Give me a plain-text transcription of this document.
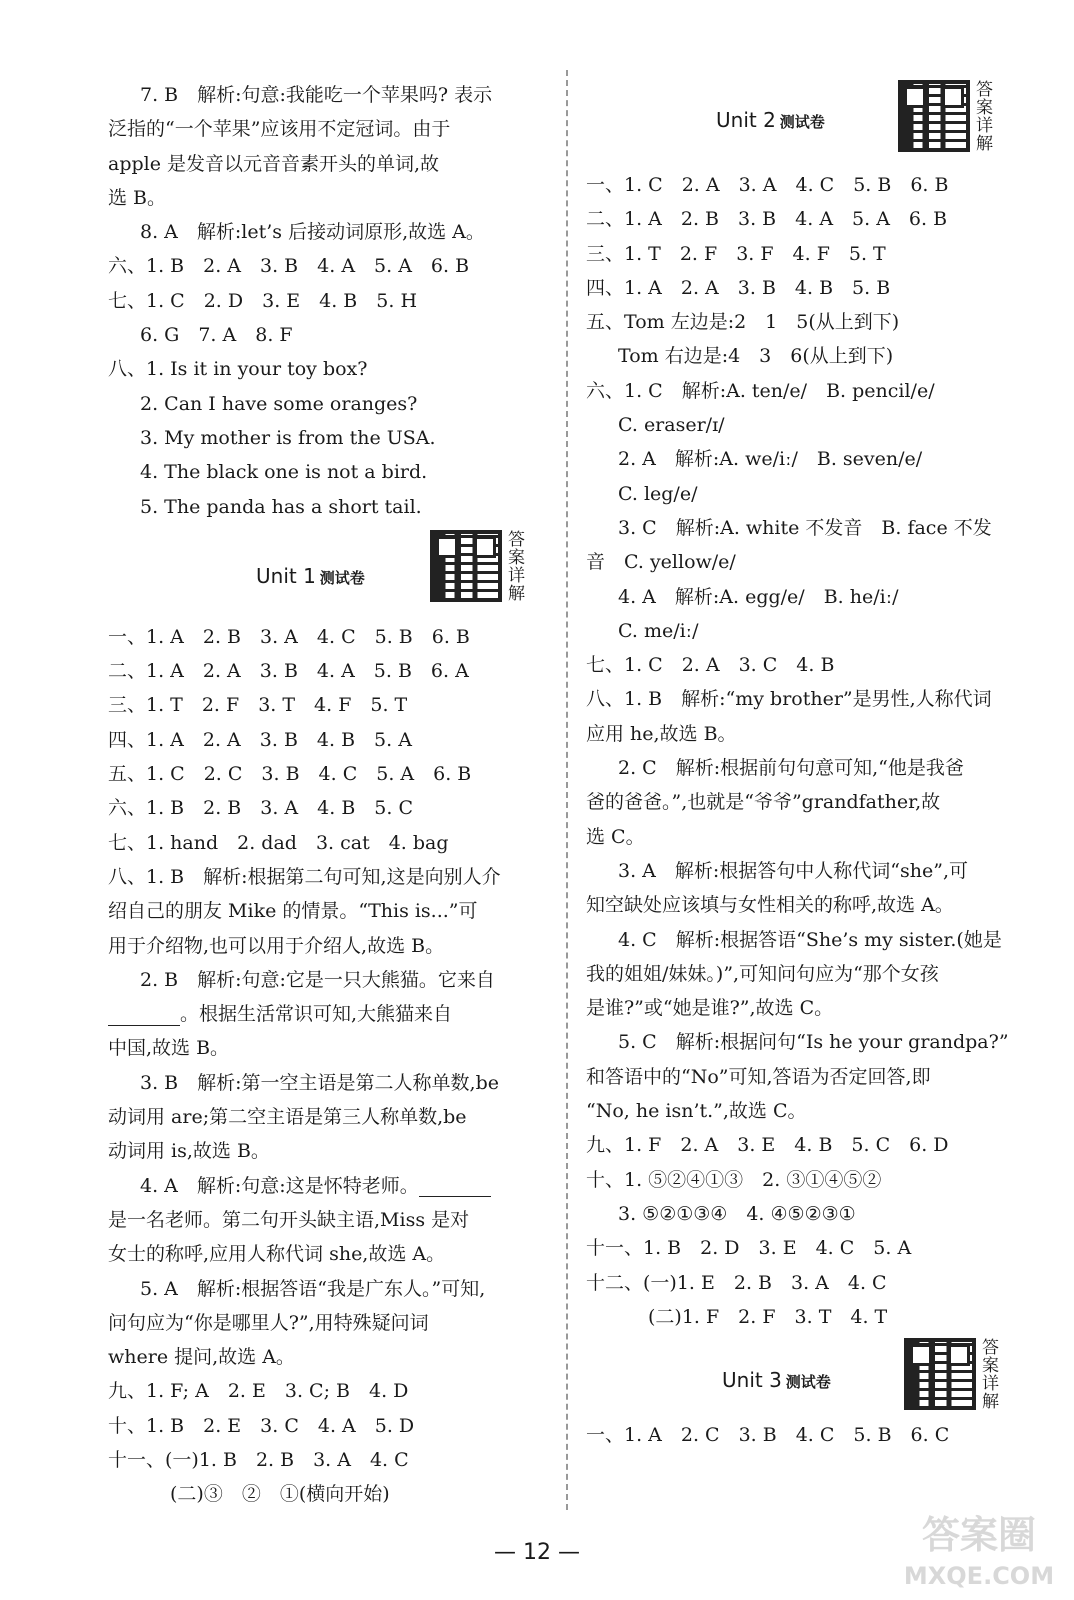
7. B　解析:句意:我能吃一个苹果吗? 表示
泛指的“一个苹果”应该用不定冠词。由于
apple 是发音以元音音素开头的单词,故
选 B。
8. A　解析:let’s 后接动词原形,故选 A。
六、1. B　2. A　3. B　4. A　5. A　6. B
七、1. C　2. D　3. E　4. B　5. H
6. G　7. A　8. F
八、1. Is it in your toy box?
2. Can I have some oranges?
3. My mother is from the USA.
4. The black one is not a bird.
5. The panda has a short tail.
Unit 1 测试卷	答案详解
一、1. A　2. B　3. A　4. C　5. B　6. B
二、1. A　2. A　3. B　4. A　5. B　6. A
三、1. T　2. F　3. T　4. F　5. T
四、1. A　2. A　3. B　4. B　5. A
五、1. C　2. C　3. B　4. C　5. A　6. B
六、1. B　2. B　3. A　4. B　5. C
七、1. hand　2. dad　3. cat　4. bag
八、1. B　解析:根据第二句可知,这是向别人介
绍自己的朋友 Mike 的情景。“This is...”可
用于介绍物,也可以用于介绍人,故选 B。
2. B　解析:句意:它是一只大熊猫。它来自
。根据生活常识可知,大熊猫来自
中国,故选 B。
3. B　解析:第一空主语是第二人称单数,be
动词用 are;第二空主语是第三人称单数,be
动词用 is,故选 B。
4. A　解析:句意:这是怀特老师。
是一名老师。第二句开头缺主语,Miss 是对
女士的称呼,应用人称代词 she,故选 A。
5. A　解析:根据答语“我是广东人。”可知,
问句应为“你是哪里人?”,用特殊疑问词
where 提问,故选 A。
九、1. F; A　2. E　3. C; B　4. D
十、1. B　2. E　3. C　4. A　5. D
十一、(一)1. B　2. B　3. A　4. C
(二)③　②　①(横向开始)
Unit 2 测试卷	答案详解
一、1. C　2. A　3. A　4. C　5. B　6. B
二、1. A　2. B　3. B　4. A　5. A　6. B
三、1. T　2. F　3. F　4. F　5. T
四、1. A　2. A　3. B　4. B　5. B
五、Tom 左边是:2　1　5(从上到下)
Tom 右边是:4　3　6(从上到下)
六、1. C　解析:A. ten/e/　B. pencil/e/
C. eraser/ɪ/
2. A　解析:A. we/iː/　B. seven/e/
C. leg/e/
3. C　解析:A. white 不发音　B. face 不发
音　C. yellow/e/
4. A　解析:A. egg/e/　B. he/iː/
C. me/iː/
七、1. C　2. A　3. C　4. B
八、1. B　解析:“my brother”是男性,人称代词
应用 he,故选 B。
2. C　解析:根据前句句意可知,“他是我爸
爸的爸爸。”,也就是“爷爷”grandfather,故
选 C。
3. A　解析:根据答句中人称代词“she”,可
知空缺处应该填与女性相关的称呼,故选 A。
4. C　解析:根据答语“She’s my sister.(她是
我的姐姐/妹妹。)”,可知问句应为“那个女孩
是谁?”或“她是谁?”,故选 C。
5. C　解析:根据问句“Is he your grandpa?”
和答语中的“No”可知,答语为否定回答,即
“No, he isn’t.”,故选 C。
九、1. F　2. A　3. E　4. B　5. C　6. D
十、1. ⑤②④①③　2. ③①④⑤②
3. ⑤②①③④　4. ④⑤②③①
十一、1. B　2. D　3. E　4. C　5. A
十二、(一)1. E　2. B　3. A　4. C
(二)1. F　2. F　3. T　4. T
Unit 3 测试卷	答案详解
一、1. A　2. C　3. B　4. C　5. B　6. C
— 12 —	答案圈
MXQE.COM
